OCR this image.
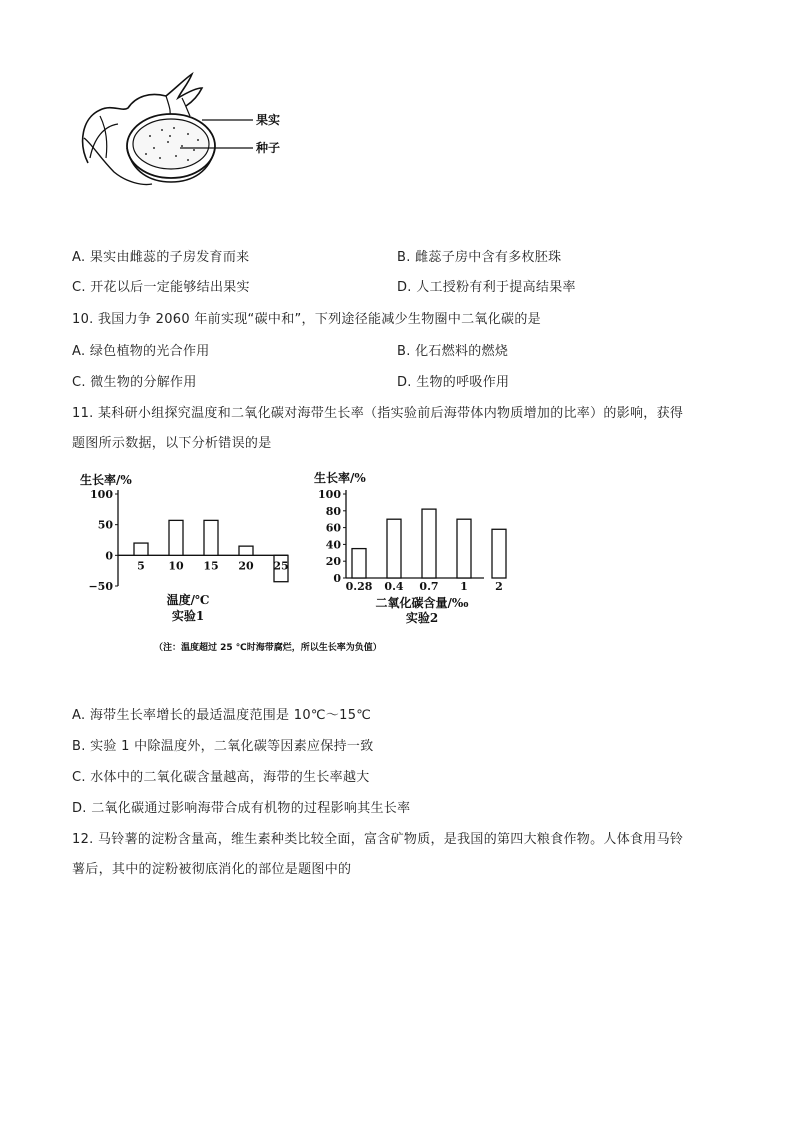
果实
种子
A. 果实由雌蕊的子房发育而来	B. 雌蕊子房中含有多枚胚珠
C. 开花以后一定能够结出果实	D. 人工授粉有利于提高结果率
10. 我国力争 2060 年前实现“碳中和”，下列途径能减少生物圈中二氧化碳的是
A. 绿色植物的光合作用	B. 化石燃料的燃烧
C. 微生物的分解作用	D. 生物的呼吸作用
11. 某科研小组探究温度和二氧化碳对海带生长率（指实验前后海带体内物质增加的比率）的影响，获得
题图所示数据，以下分析错误的是
（注：温度超过 25 ℃时海带腐烂，所以生长率为负值）
100
50
0
−50
5 10 15 20 25
生长率/%
温度/℃
实验1
100
80
60
40
20
0
0.28 0.4 0.7 1 2
生长率/%
二氧化碳含量/‰
实验2
A. 海带生长率增长的最适温度范围是 10℃～15℃
B. 实验 1 中除温度外，二氧化碳等因素应保持一致
C. 水体中的二氧化碳含量越高，海带的生长率越大
D. 二氧化碳通过影响海带合成有机物的过程影响其生长率
12. 马铃薯的淀粉含量高，维生素种类比较全面，富含矿物质，是我国的第四大粮食作物。人体食用马铃
薯后，其中的淀粉被彻底消化的部位是题图中的
